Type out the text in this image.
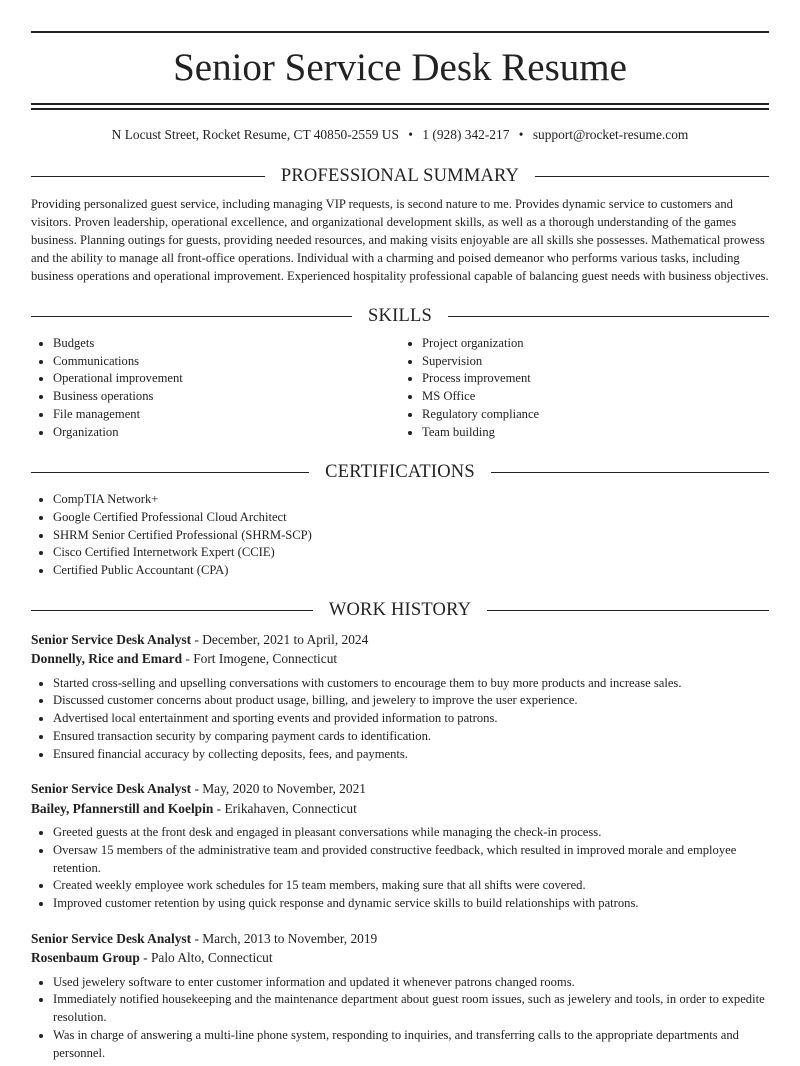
Senior Service Desk Resume
N Locust Street, Rocket Resume, CT 40850-2559 US • 1 (928) 342-217 • support@rocket-resume.com
PROFESSIONAL SUMMARY
Providing personalized guest service, including managing VIP requests, is second nature to me. Provides dynamic service to customers and visitors. Proven leadership, operational excellence, and organizational development skills, as well as a thorough understanding of the games business. Planning outings for guests, providing needed resources, and making visits enjoyable are all skills she possesses. Mathematical prowess and the ability to manage all front-office operations. Individual with a charming and poised demeanor who performs various tasks, including business operations and operational improvement. Experienced hospitality professional capable of balancing guest needs with business objectives.
SKILLS
• Budgets
• Communications
• Operational improvement
• Business operations
• File management
• Organization
• Project organization
• Supervision
• Process improvement
• MS Office
• Regulatory compliance
• Team building
CERTIFICATIONS
• CompTIA Network+
• Google Certified Professional Cloud Architect
• SHRM Senior Certified Professional (SHRM-SCP)
• Cisco Certified Internetwork Expert (CCIE)
• Certified Public Accountant (CPA)
WORK HISTORY
Senior Service Desk Analyst - December, 2021 to April, 2024
Donnelly, Rice and Emard - Fort Imogene, Connecticut
• Started cross-selling and upselling conversations with customers to encourage them to buy more products and increase sales.
• Discussed customer concerns about product usage, billing, and jewelery to improve the user experience.
• Advertised local entertainment and sporting events and provided information to patrons.
• Ensured transaction security by comparing payment cards to identification.
• Ensured financial accuracy by collecting deposits, fees, and payments.
Senior Service Desk Analyst - May, 2020 to November, 2021
Bailey, Pfannerstill and Koelpin - Erikahaven, Connecticut
• Greeted guests at the front desk and engaged in pleasant conversations while managing the check-in process.
• Oversaw 15 members of the administrative team and provided constructive feedback, which resulted in improved morale and employee retention.
• Created weekly employee work schedules for 15 team members, making sure that all shifts were covered.
• Improved customer retention by using quick response and dynamic service skills to build relationships with patrons.
Senior Service Desk Analyst - March, 2013 to November, 2019
Rosenbaum Group - Palo Alto, Connecticut
• Used jewelery software to enter customer information and updated it whenever patrons changed rooms.
• Immediately notified housekeeping and the maintenance department about guest room issues, such as jewelery and tools, in order to expedite resolution.
• Was in charge of answering a multi-line phone system, responding to inquiries, and transferring calls to the appropriate departments and personnel.
